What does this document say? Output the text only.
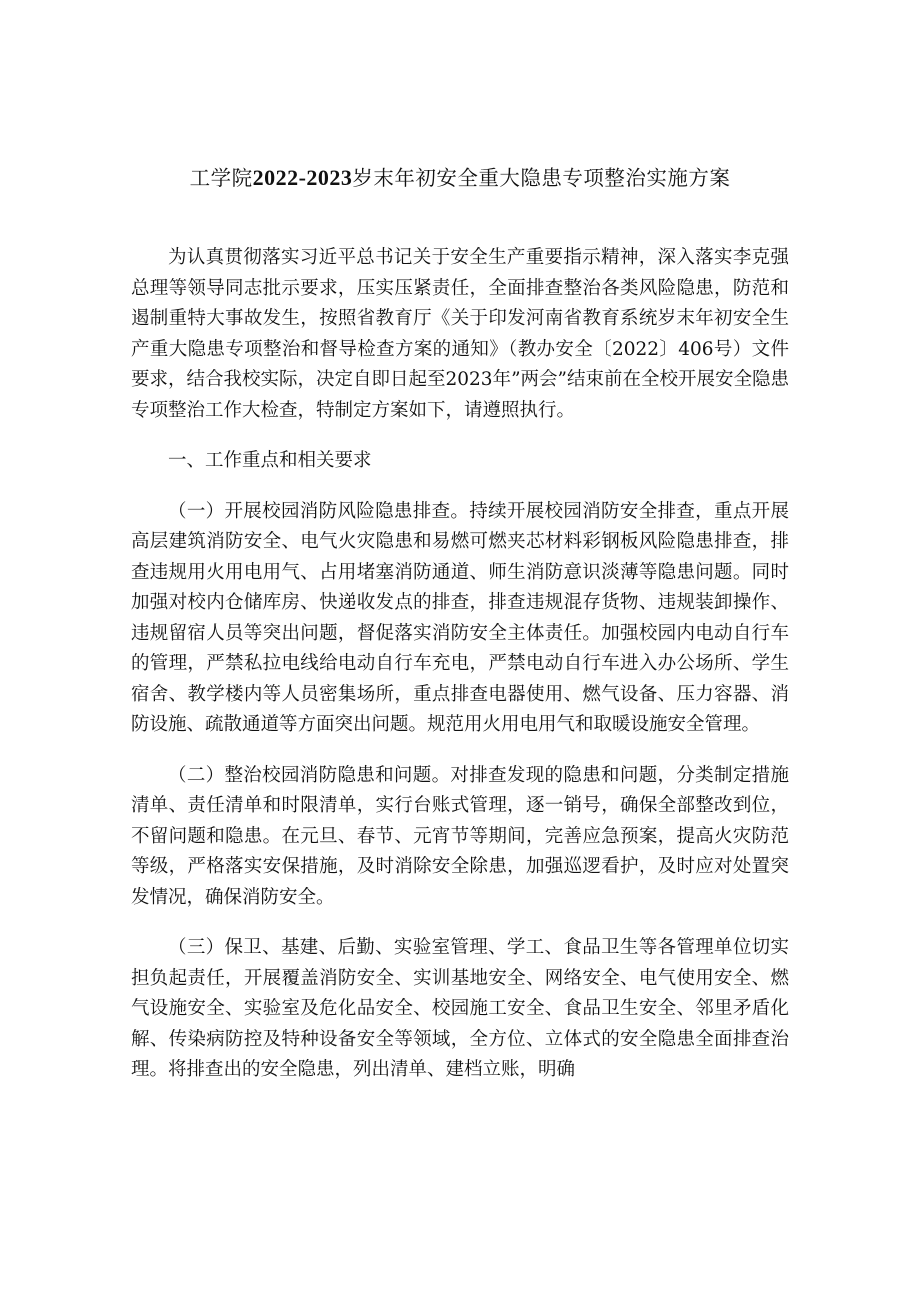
工学院2022-2023岁末年初安全重大隐患专项整治实施方案

为认真贯彻落实习近平总书记关于安全生产重要指示精神，深入落实李克强总理等领导同志批示要求，压实压紧责任，全面排查整治各类风险隐患，防范和遏制重特大事故发生，按照省教育厅《关于印发河南省教育系统岁末年初安全生产重大隐患专项整治和督导检查方案的通知》（教办安全〔2022〕406号）文件要求，结合我校实际，决定自即日起至2023年”两会”结束前在全校开展安全隐患专项整治工作大检查，特制定方案如下，请遵照执行。

一、工作重点和相关要求

（一）开展校园消防风险隐患排查。持续开展校园消防安全排查，重点开展高层建筑消防安全、电气火灾隐患和易燃可燃夹芯材料彩钢板风险隐患排查，排查违规用火用电用气、占用堵塞消防通道、师生消防意识淡薄等隐患问题。同时加强对校内仓储库房、快递收发点的排查，排查违规混存货物、违规装卸操作、违规留宿人员等突出问题，督促落实消防安全主体责任。加强校园内电动自行车的管理，严禁私拉电线给电动自行车充电，严禁电动自行车进入办公场所、学生宿舍、教学楼内等人员密集场所，重点排查电器使用、燃气设备、压力容器、消防设施、疏散通道等方面突出问题。规范用火用电用气和取暖设施安全管理。

（二）整治校园消防隐患和问题。对排查发现的隐患和问题，分类制定措施清单、责任清单和时限清单，实行台账式管理，逐一销号，确保全部整改到位，不留问题和隐患。在元旦、春节、元宵节等期间，完善应急预案，提高火灾防范等级，严格落实安保措施，及时消除安全除患，加强巡逻看护，及时应对处置突发情况，确保消防安全。

（三）保卫、基建、后勤、实验室管理、学工、食品卫生等各管理单位切实担负起责任，开展覆盖消防安全、实训基地安全、网络安全、电气使用安全、燃气设施安全、实验室及危化品安全、校园施工安全、食品卫生安全、邻里矛盾化解、传染病防控及特种设备安全等领域，全方位、立体式的安全隐患全面排查治理。将排查出的安全隐患，列出清单、建档立账，明确
